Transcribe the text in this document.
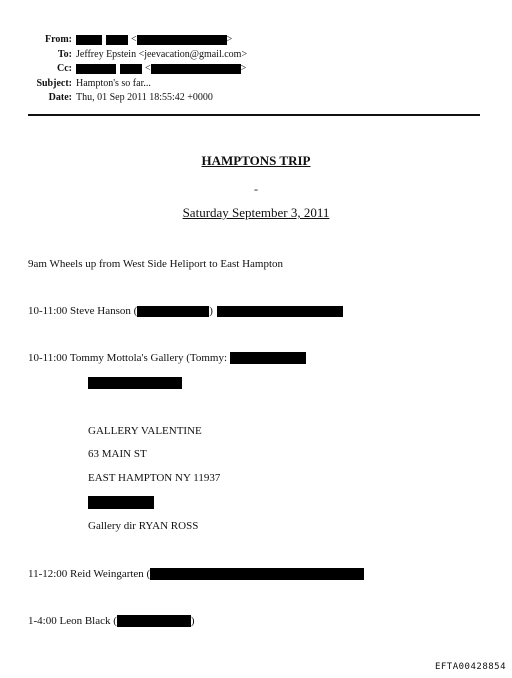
From:	<	>
To: Jeffrey Epstein <jeevacation@gmail.com>
Cc:	<	>
Subject: Hampton's so far...
Date: Thu, 01 Sep 2011 18:55:42 +0000
HAMPTONS TRIP
-
Saturday September 3, 2011
9am Wheels up from West Side Heliport to East Hampton
10-11:00 Steve Hanson (	)
10-11:00 Tommy Mottola's Gallery (Tommy:
GALLERY VALENTINE
63 MAIN ST
EAST HAMPTON NY 11937
Gallery dir RYAN ROSS
11-12:00 Reid Weingarten (
1-4:00 Leon Black (	)
EFTA00428854
